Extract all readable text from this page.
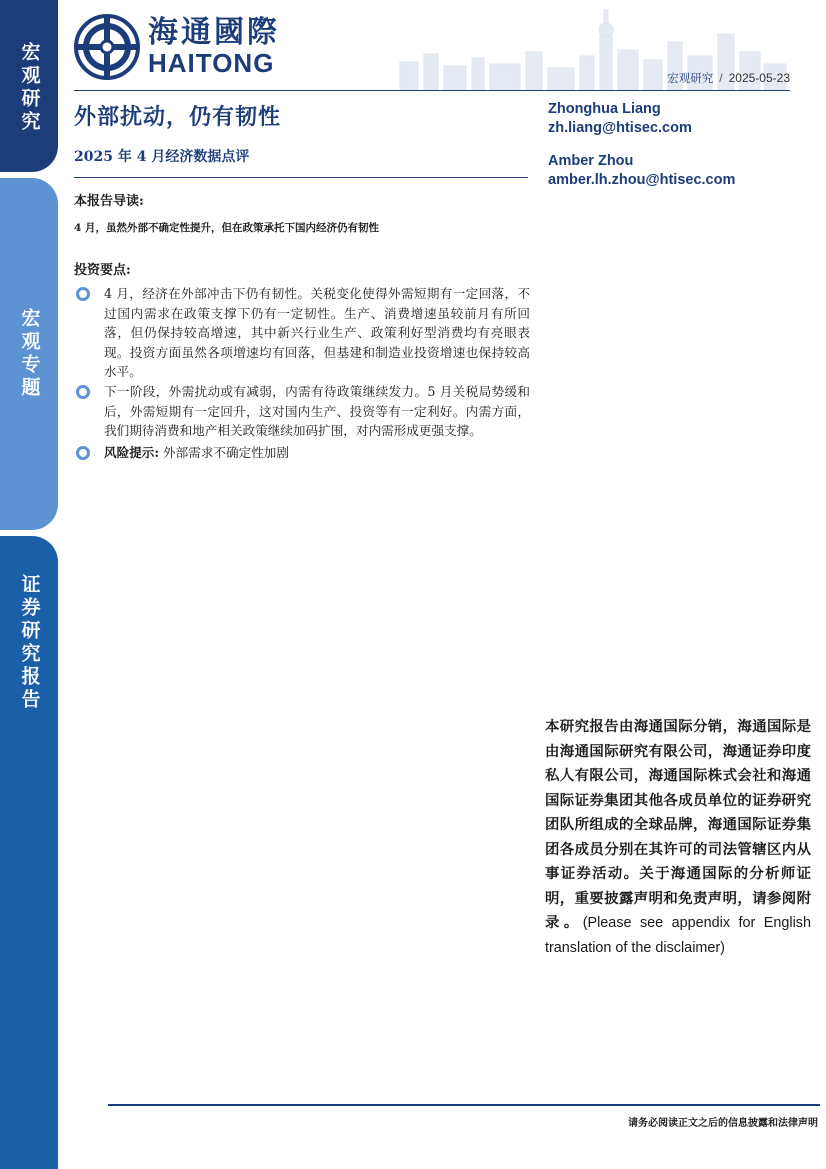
宏观研究
宏观专题
证券研究报告
海通國際
HAITONG	宏观研究 / 2025-05-23
外部扰动，仍有韧性
2025 年 4 月经济数据点评
Zhonghua Liang
zh.liang@htisec.com
Amber Zhou
amber.lh.zhou@htisec.com
本报告导读:
4 月，虽然外部不确定性提升，但在政策承托下国内经济仍有韧性
投资要点:
4 月，经济在外部冲击下仍有韧性。关税变化使得外需短期有一定回落，不过国内需求在政策支撑下仍有一定韧性。生产、消费增速虽较前月有所回落，但仍保持较高增速，其中新兴行业生产、政策利好型消费均有亮眼表现。投资方面虽然各项增速均有回落，但基建和制造业投资增速也保持较高水平。
下一阶段，外需扰动或有减弱，内需有待政策继续发力。5 月关税局势缓和后，外需短期有一定回升，这对国内生产、投资等有一定利好。内需方面，我们期待消费和地产相关政策继续加码扩围，对内需形成更强支撑。
风险提示: 外部需求不确定性加剧
本研究报告由海通国际分销，海通国际是由海通国际研究有限公司，海通证券印度私人有限公司，海通国际株式会社和海通国际证券集团其他各成员单位的证券研究团队所组成的全球品牌，海通国际证券集团各成员分别在其许可的司法管辖区内从事证券活动。关于海通国际的分析师证明，重要披露声明和免责声明，请参阅附录。(Please see appendix for English translation of the disclaimer)
请务必阅读正文之后的信息披露和法律声明
